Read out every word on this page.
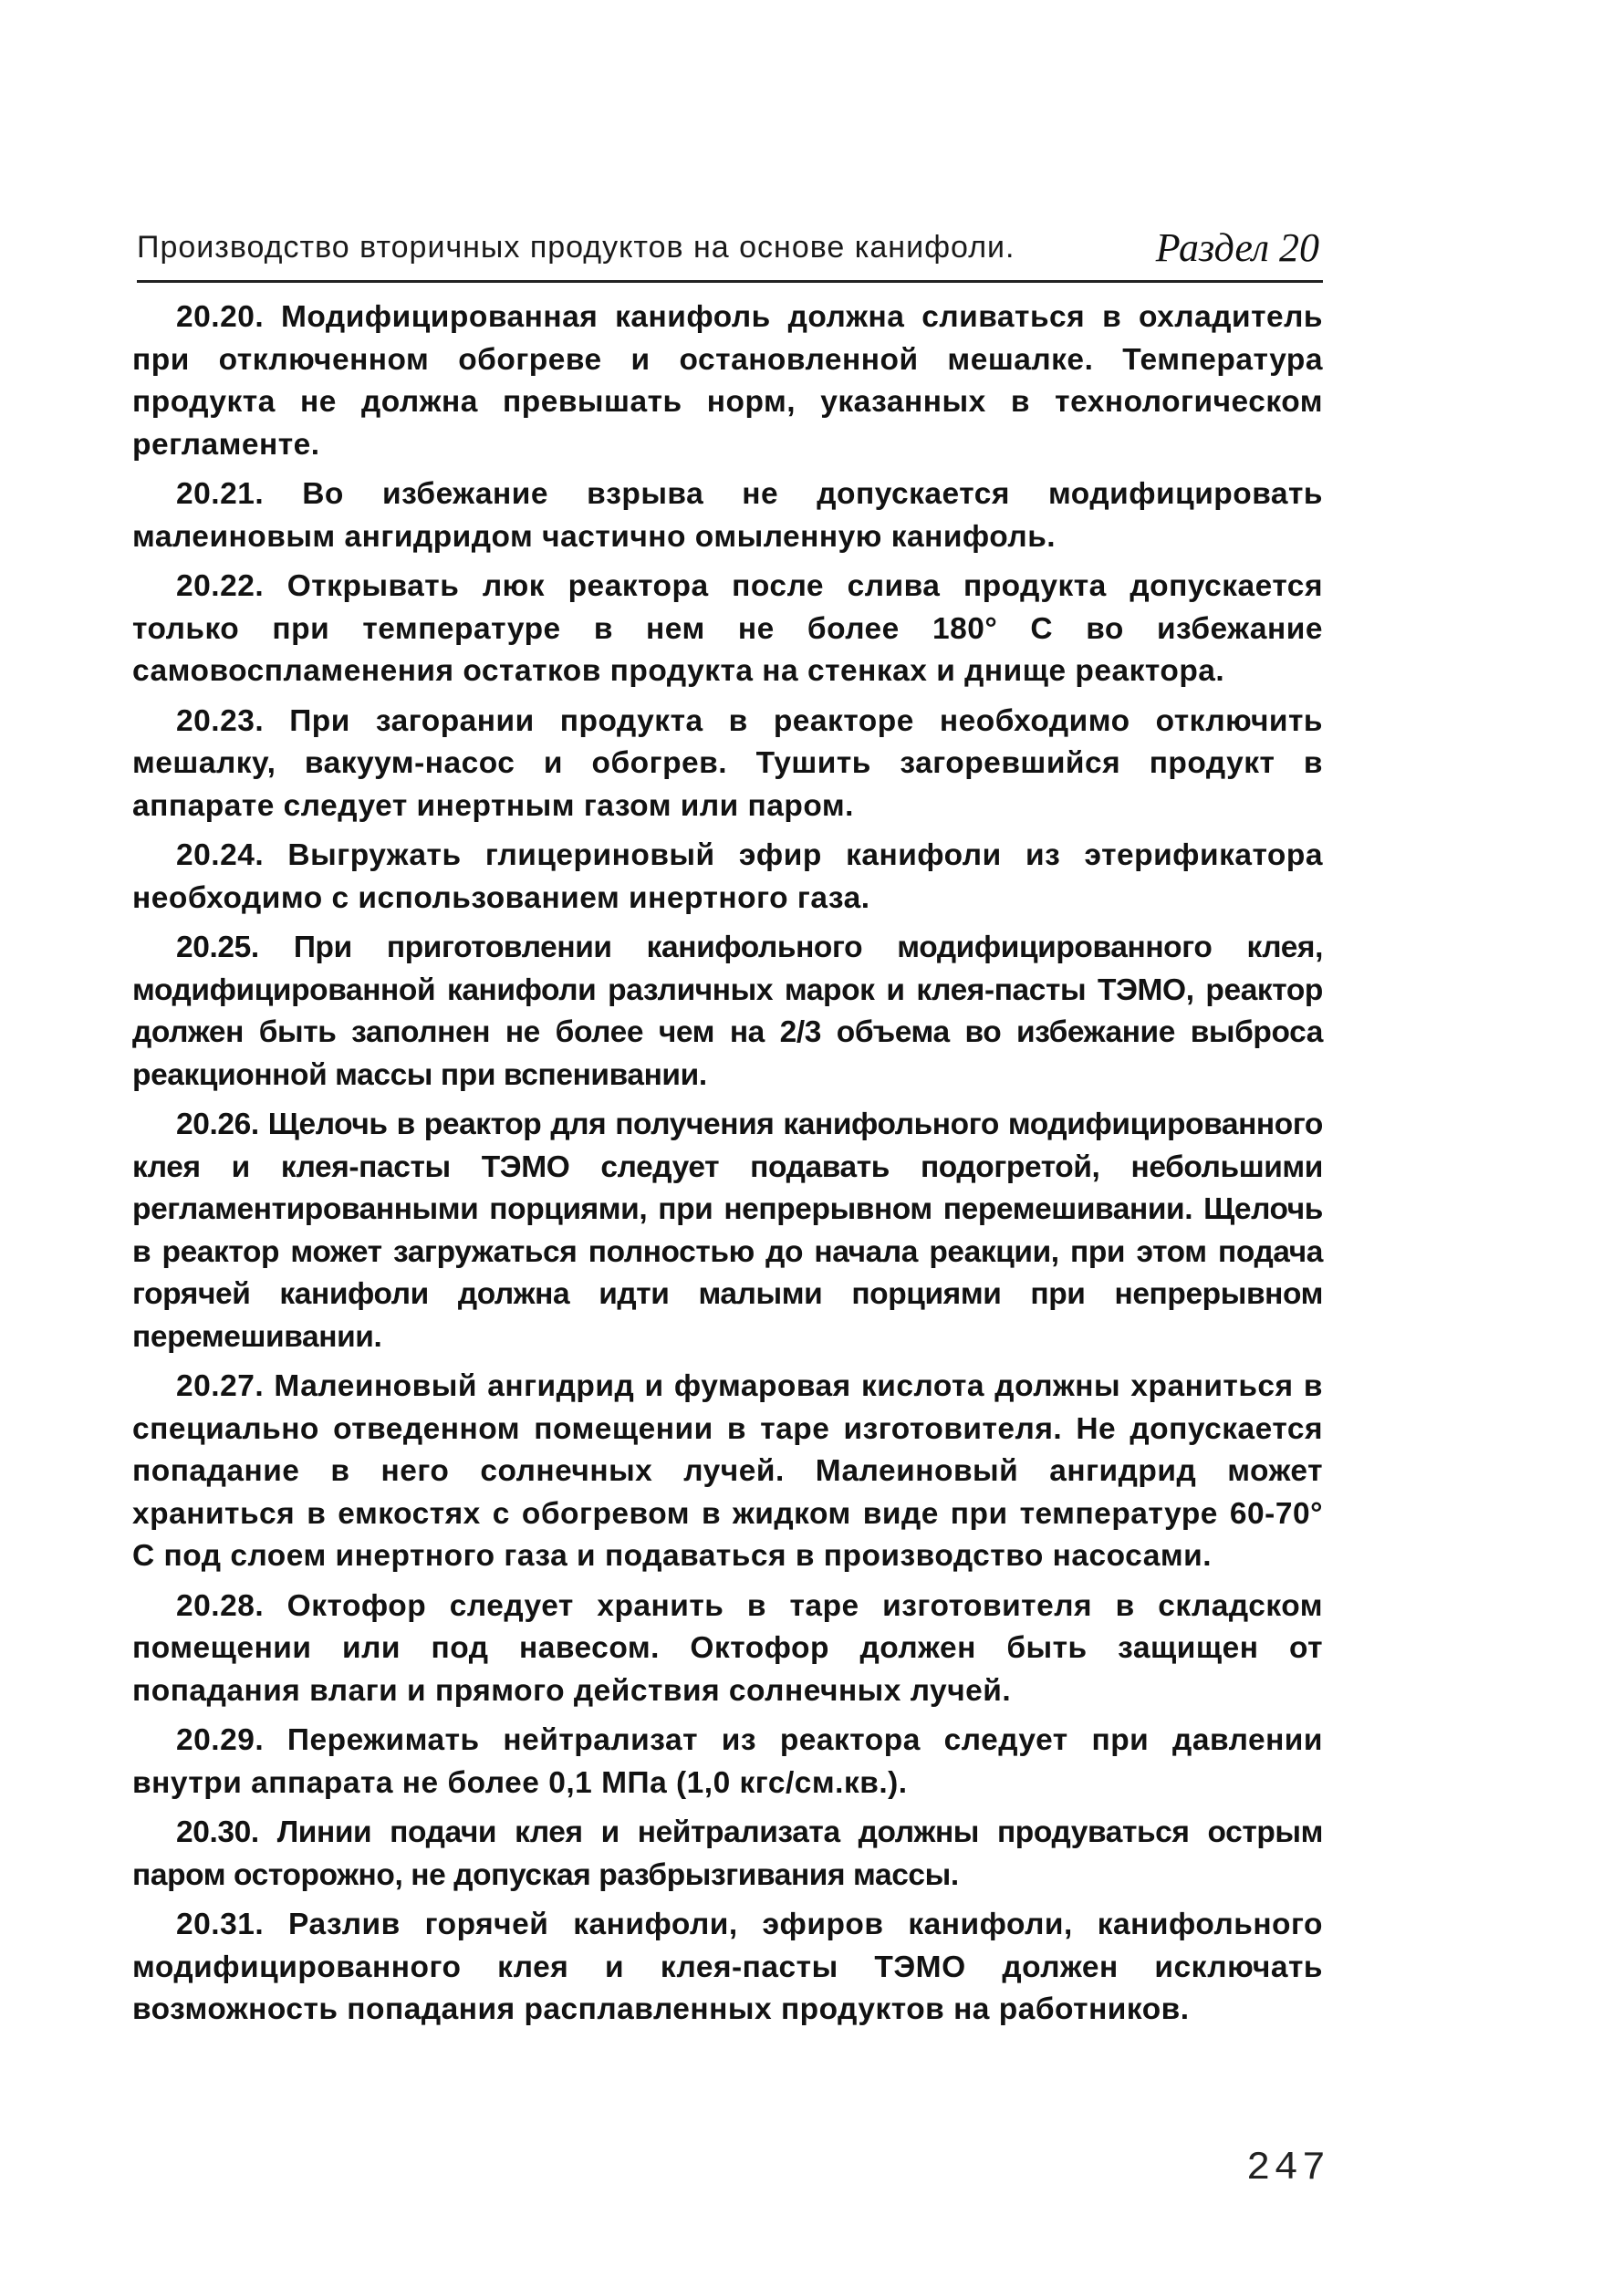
Производство вторичных продуктов на основе канифоли.	Раздел 20

20.20. Модифицированная канифоль должна сливаться в охладитель при отключенном обогреве и остановленной мешалке. Температура продукта не должна превышать норм, указанных в технологическом регламенте.

20.21. Во избежание взрыва не допускается модифицировать малеиновым ангидридом частично омыленную канифоль.

20.22. Открывать люк реактора после слива продукта допускается только при температуре в нем не более 180° С во избежание самовоспламенения остатков продукта на стенках и днище реактора.

20.23. При загорании продукта в реакторе необходимо отключить мешалку, вакуум-насос и обогрев. Тушить загоревшийся продукт в аппарате следует инертным газом или паром.

20.24. Выгружать глицериновый эфир канифоли из этерификатора необходимо с использованием инертного газа.

20.25. При приготовлении канифольного модифицированного клея, модифицированной канифоли различных марок и клея-пасты ТЭМО, реактор должен быть заполнен не более чем на 2/3 объема во избежание выброса реакционной массы при вспенивании.

20.26. Щелочь в реактор для получения канифольного модифицированного клея и клея-пасты ТЭМО следует подавать подогретой, небольшими регламентированными порциями, при непрерывном перемешивании. Щелочь в реактор может загружаться полностью до начала реакции, при этом подача горячей канифоли должна идти малыми порциями при непрерывном перемешивании.

20.27. Малеиновый ангидрид и фумаровая кислота должны храниться в специально отведенном помещении в таре изготовителя. Не допускается попадание в него солнечных лучей. Малеиновый ангидрид может храниться в емкостях с обогревом в жидком виде при температуре 60-70° С под слоем инертного газа и подаваться в производство насосами.

20.28. Октофор следует хранить в таре изготовителя в складском помещении или под навесом. Октофор должен быть защищен от попадания влаги и прямого действия солнечных лучей.

20.29. Пережимать нейтрализат из реактора следует при давлении внутри аппарата не более 0,1 МПа (1,0 кгс/см.кв.).

20.30. Линии подачи клея и нейтрализата должны продуваться острым паром осторожно, не допуская разбрызгивания массы.

20.31. Разлив горячей канифоли, эфиров канифоли, канифольного модифицированного клея и клея-пасты ТЭМО должен исключать возможность попадания расплавленных продуктов на работников.

247
